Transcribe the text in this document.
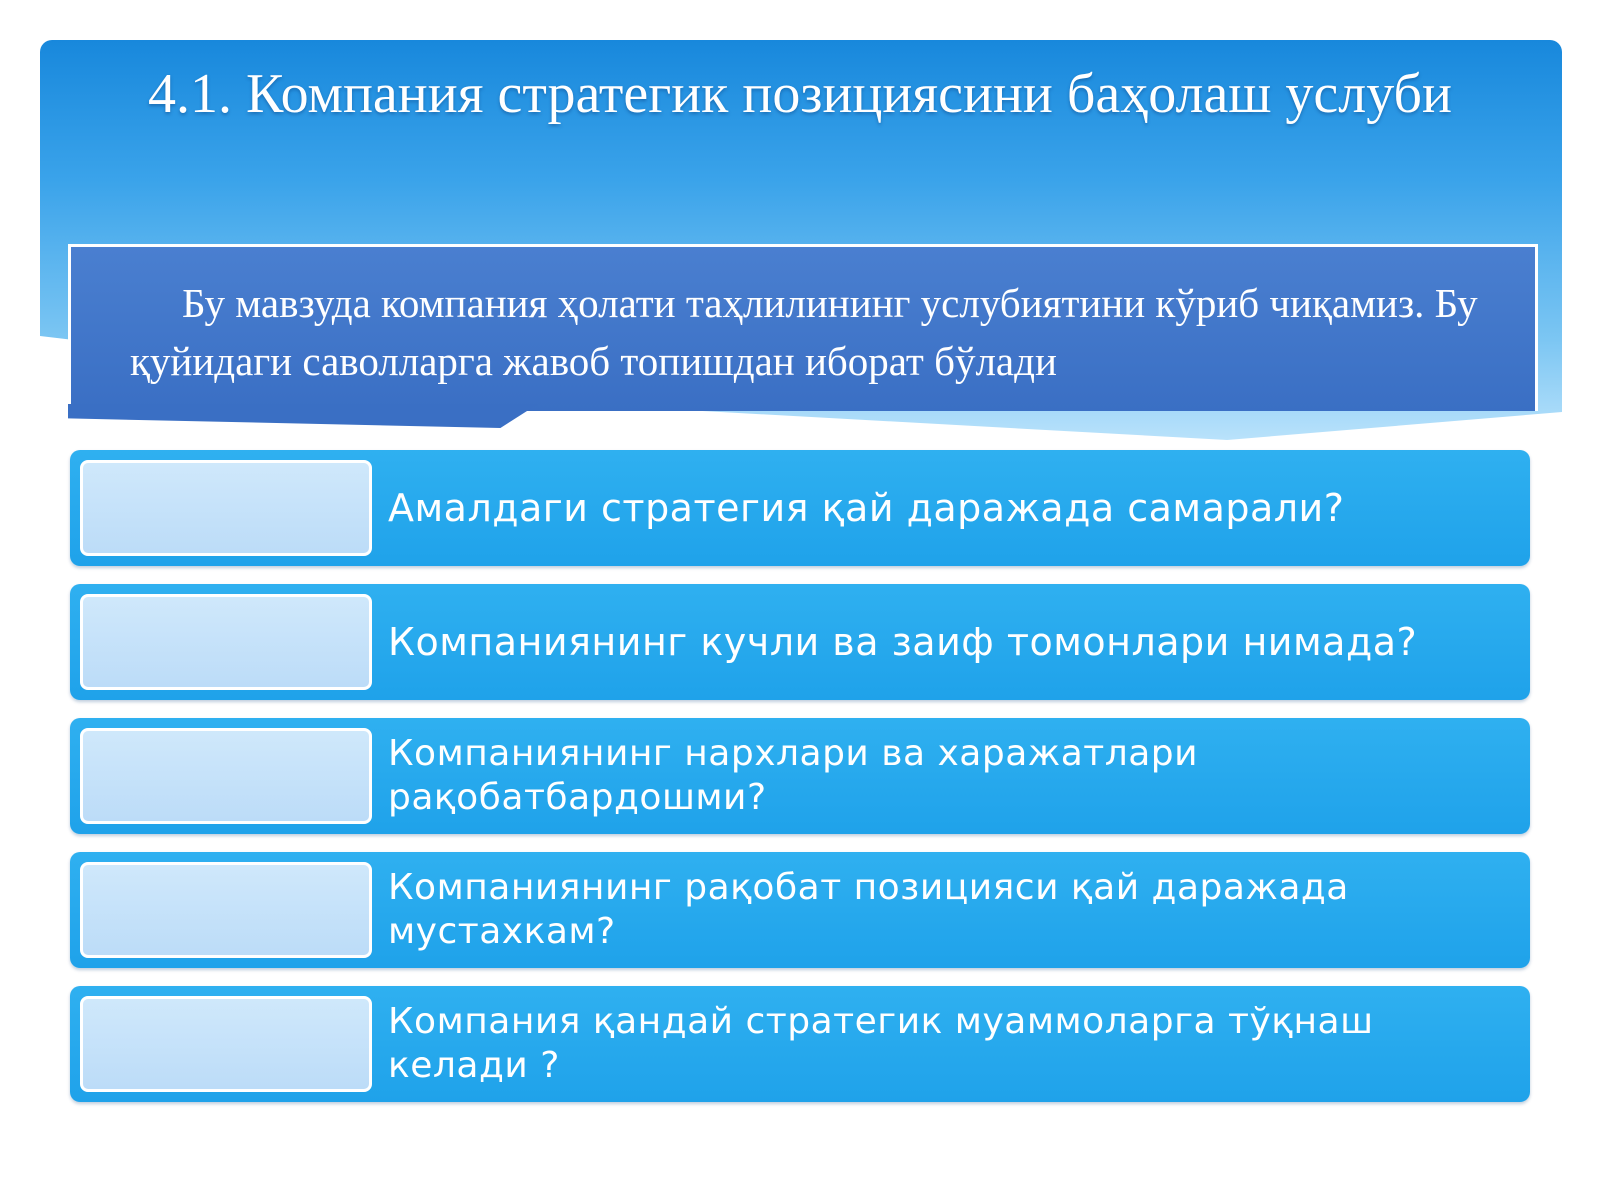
4.1. Компания стратегик позициясини баҳолаш услуби
Бу мавзуда компания ҳолати таҳлилининг услубиятини кўриб чиқамиз. Бу қуйидаги саволларга жавоб топишдан иборат бўлади
Амалдаги стратегия қай даражада самарали?
Компаниянинг кучли ва заиф томонлари нимада?
Компаниянинг нархлари ва харажатлари рақобатбардошми?
Компаниянинг рақобат позицияси қай даражада мустахкам?
Компания қандай стратегик муаммоларга тўқнаш келади ?
